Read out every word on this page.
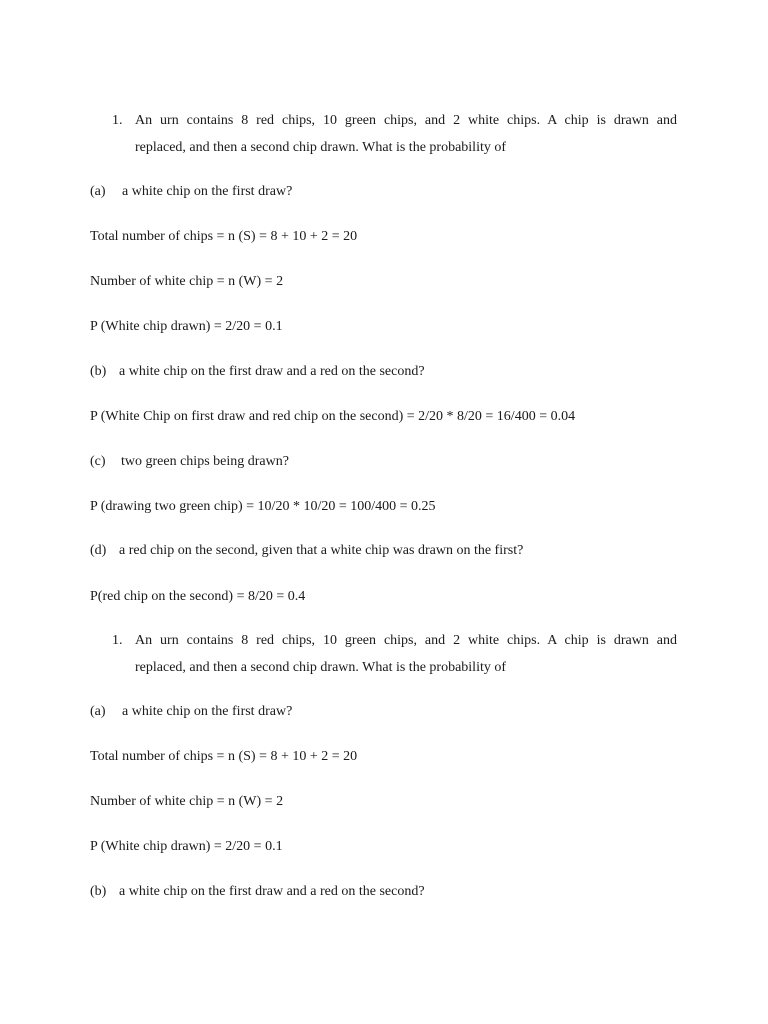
1. An urn contains 8 red chips, 10 green chips, and 2 white chips. A chip is drawn and
replaced, and then a second chip drawn. What is the probability of
(a) a white chip on the first draw?
Total number of chips = n (S) = 8 + 10 + 2 = 20
Number of white chip = n (W) = 2
P (White chip drawn) = 2/20 = 0.1
(b) a white chip on the first draw and a red on the second?
P (White Chip on first draw and red chip on the second) = 2/20 * 8/20 = 16/400 = 0.04
(c) two green chips being drawn?
P (drawing two green chip) = 10/20 * 10/20 = 100/400 = 0.25
(d) a red chip on the second, given that a white chip was drawn on the first?
P(red chip on the second) = 8/20 = 0.4
1. An urn contains 8 red chips, 10 green chips, and 2 white chips. A chip is drawn and
replaced, and then a second chip drawn. What is the probability of
(a) a white chip on the first draw?
Total number of chips = n (S) = 8 + 10 + 2 = 20
Number of white chip = n (W) = 2
P (White chip drawn) = 2/20 = 0.1
(b) a white chip on the first draw and a red on the second?
